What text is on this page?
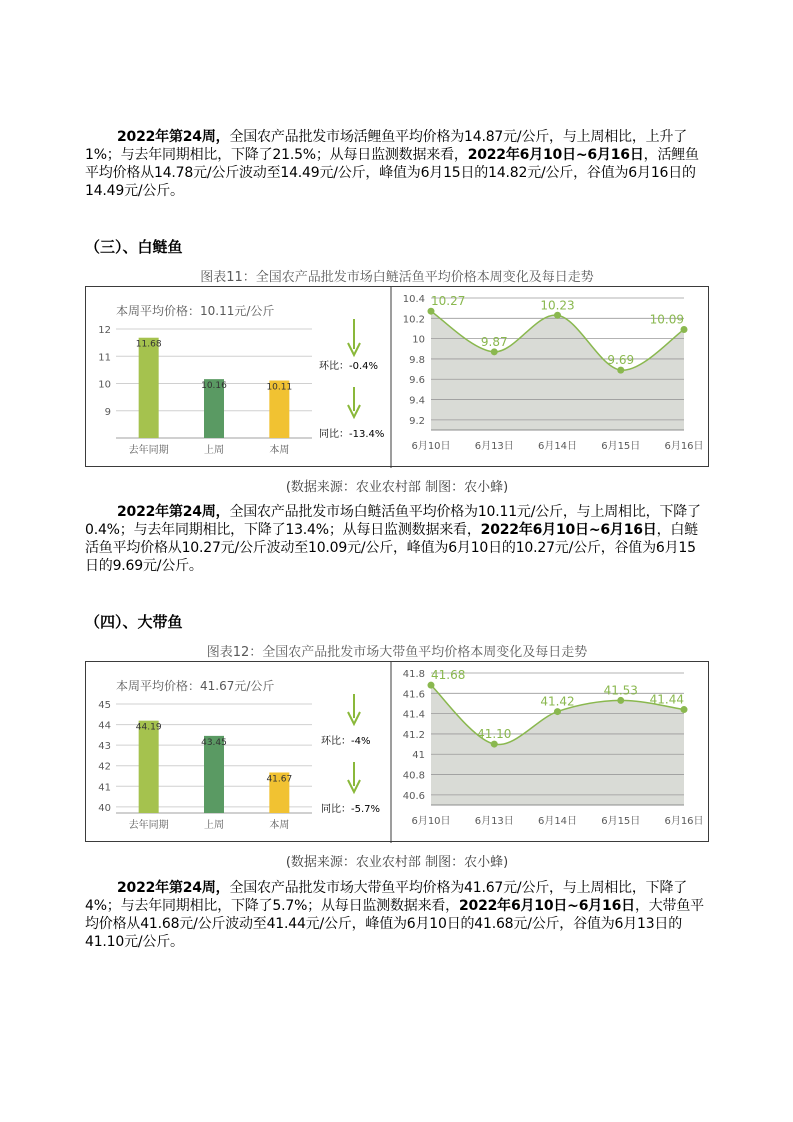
2022年第24周，全国农产品批发市场活鲤鱼平均价格为14.87元/公斤，与上周相比，上升了1%；与去年同期相比，下降了21.5%；从每日监测数据来看，2022年6月10日~6月16日，活鲤鱼平均价格从14.78元/公斤波动至14.49元/公斤，峰值为6月15日的14.82元/公斤，谷值为6月16日的14.49元/公斤。

（三）、白鲢鱼

图表11：全国农产品批发市场白鲢活鱼平均价格本周变化及每日走势

本周平均价格：10.11元/公斤
12
11
10
9
11.68
去年同期
10.16
上周
10.11
本周
环比：-0.4%
同比：-13.4%
10.4
10.2
10
9.8
9.6
9.4
9.2
10.27
6月10日
9.87
6月13日
10.23
6月14日
9.69
6月15日
10.09
6月16日

(数据来源：农业农村部 制图：农小蜂)

2022年第24周，全国农产品批发市场白鲢活鱼平均价格为10.11元/公斤，与上周相比，下降了0.4%；与去年同期相比，下降了13.4%；从每日监测数据来看，2022年6月10日~6月16日，白鲢活鱼平均价格从10.27元/公斤波动至10.09元/公斤，峰值为6月10日的10.27元/公斤，谷值为6月15日的9.69元/公斤。

（四）、大带鱼

图表12：全国农产品批发市场大带鱼平均价格本周变化及每日走势

本周平均价格：41.67元/公斤
45
44
43
42
41
40
44.19
去年同期
43.45
上周
41.67
本周
环比：-4%
同比：-5.7%
41.8
41.6
41.4
41.2
41
40.8
40.6
41.68
6月10日
41.10
6月13日
41.42
6月14日
41.53
6月15日
41.44
6月16日

(数据来源：农业农村部 制图：农小蜂)

2022年第24周，全国农产品批发市场大带鱼平均价格为41.67元/公斤，与上周相比，下降了4%；与去年同期相比，下降了5.7%；从每日监测数据来看，2022年6月10日~6月16日，大带鱼平均价格从41.68元/公斤波动至41.44元/公斤，峰值为6月10日的41.68元/公斤，谷值为6月13日的41.10元/公斤。
